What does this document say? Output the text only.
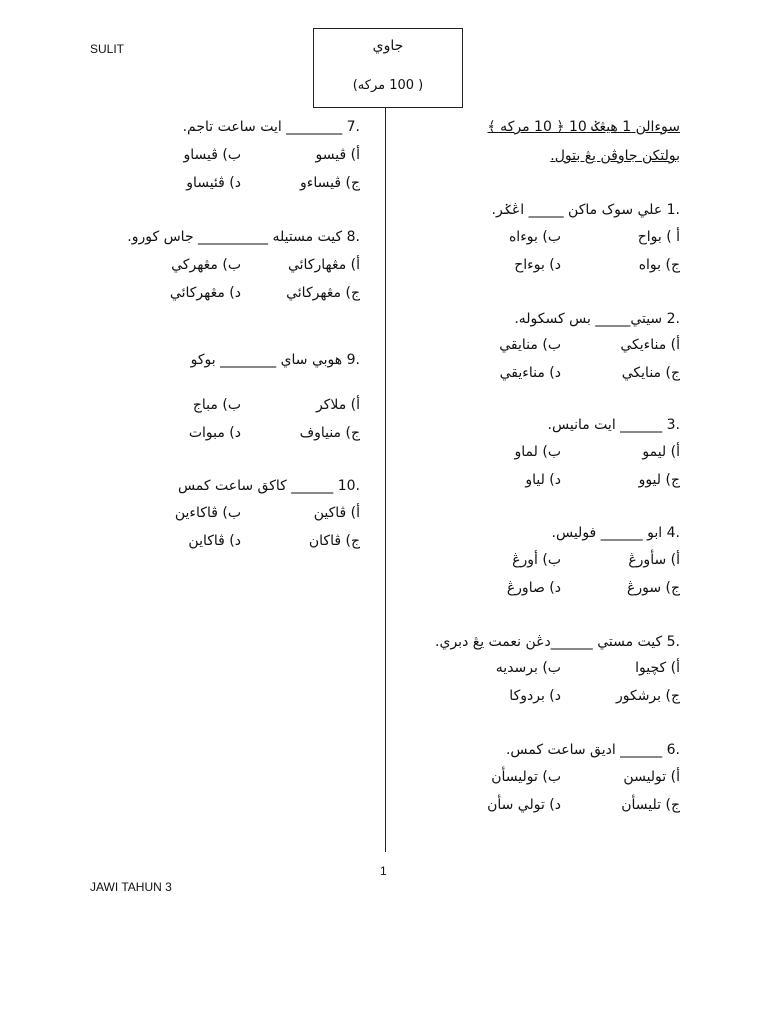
SULIT	جاوي
( 100 مركه)
سوءالن 1 هيڠݢ 10 ﴿ 10 مركه ﴾
بولتكن جاوڤن يڠ بتول.
.1 علي سوک ماکن _____ اڠݢر.
أ ) بواح
ب) بوءاه
ج) بواه
د) بوءاح
.2 سيتي_____ بس کسکوله.
أ) مناءيکي
ب) منايقي
ج) منايکي
د) مناءيقي
.3 ______ ايت مانيس.
أ) ليمو
ب) لماو
ج) ليوو
د) لياو
.4 ابو ______ فوليس.
أ) سأورڠ
ب) أورڠ
ج) سورڠ
د) صاورڠ
.5 کيت مستي ______دڠن نعمت يڠ دبري.
أ) کچيوا
ب) برسديه
ج) برشکور
د) بردوکا
.6 ______ اديق ساعت کمس.
أ) توليسن
ب) توليسأن
ج) تليسأن
د) تولي سأن
.7 ________ ايت ساعت تاجم.
أ) ڤيسو
ب) ڤيساو
ج) ڤيساءو
د) ڤئيساو
.8 کيت مستيله __________ جاس کورو.
أ) مڠهارکائي
ب) مڠهرکي
ج) مڠهرکائي
د) مڠهرکائي
.9 هوبي ساي ________ بوکو
أ) ملاکر
ب) مباج
ج) منياوف
د) مبوات
.10 ______ کاکق ساعت کمس
أ) ڤاکين
ب) ڤاکاءين
ج) ڤاکان
د) ڤاکاين
1
JAWI TAHUN 3
